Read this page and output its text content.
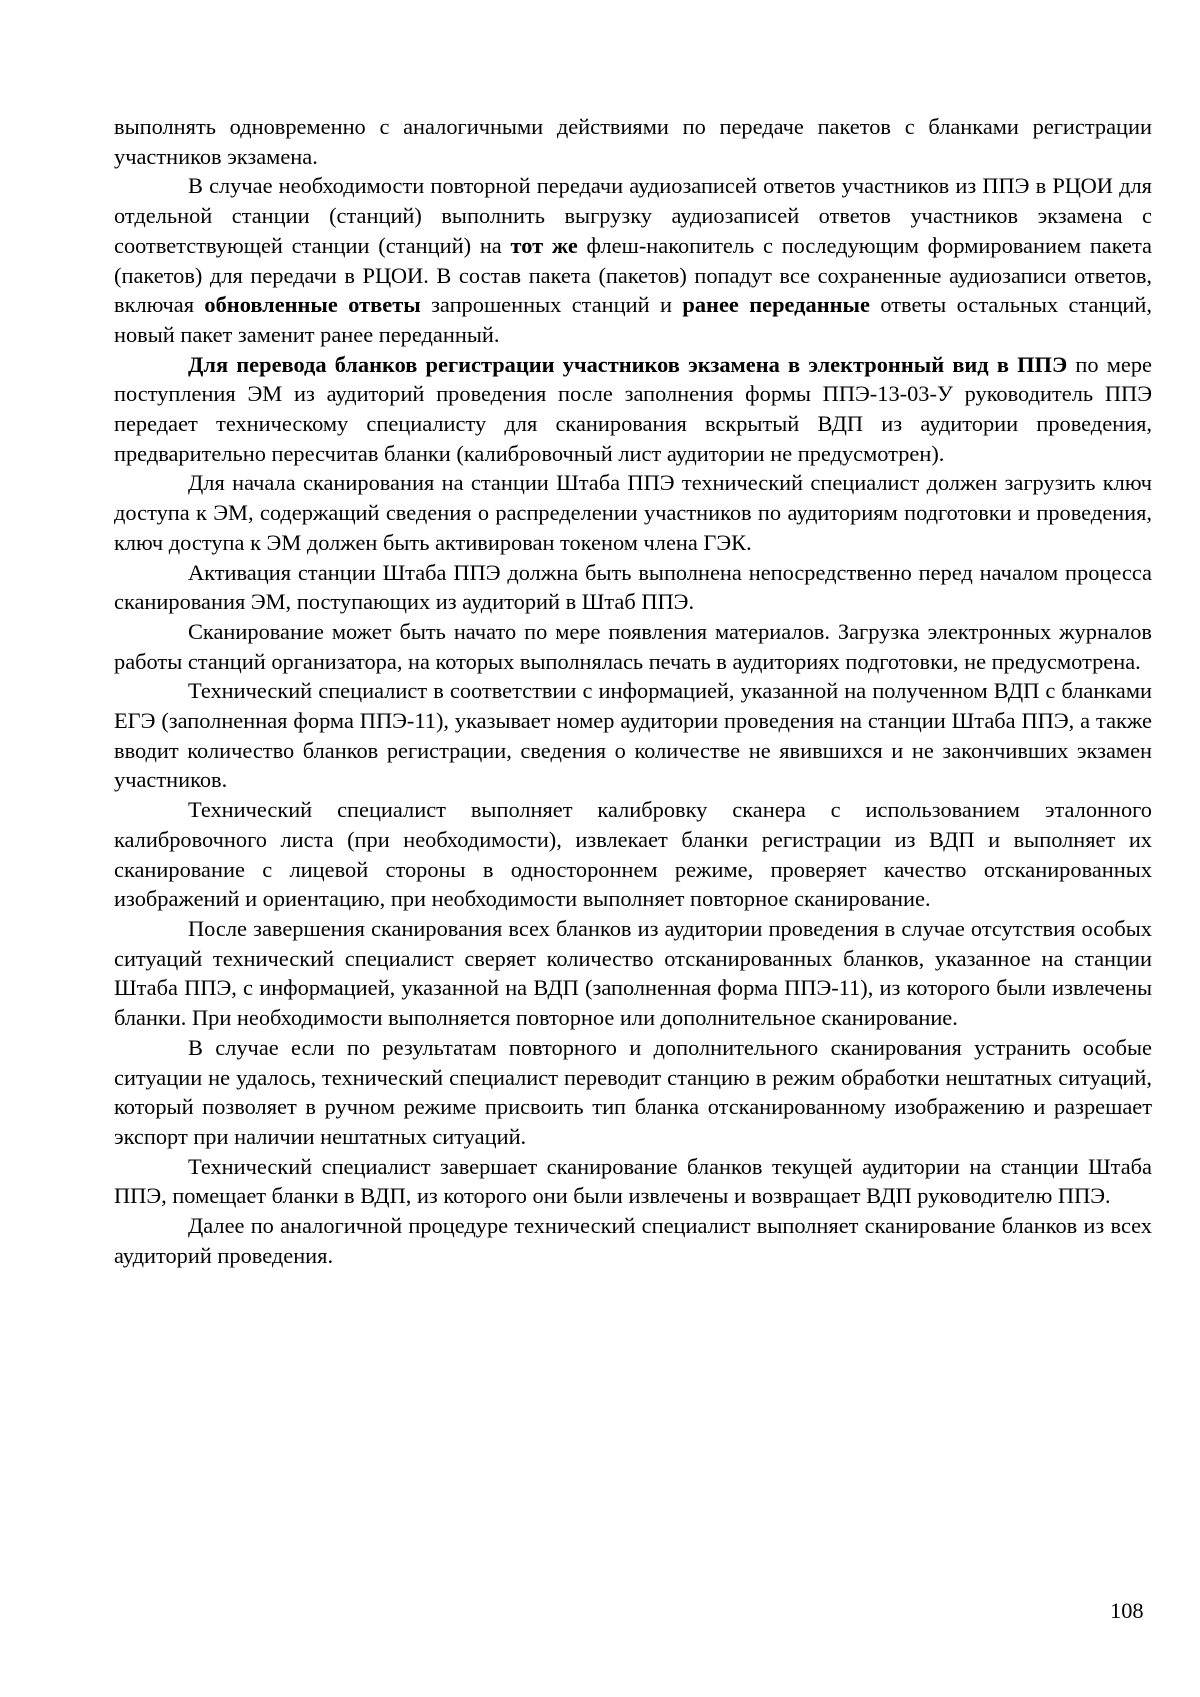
выполнять одновременно с аналогичными действиями по передаче пакетов с бланками регистрации участников экзамена.

В случае необходимости повторной передачи аудиозаписей ответов участников из ППЭ в РЦОИ для отдельной станции (станций) выполнить выгрузку аудиозаписей ответов участников экзамена с соответствующей станции (станций) на тот же флеш-накопитель с последующим формированием пакета (пакетов) для передачи в РЦОИ. В состав пакета (пакетов) попадут все сохраненные аудиозаписи ответов, включая обновленные ответы запрошенных станций и ранее переданные ответы остальных станций, новый пакет заменит ранее переданный.

Для перевода бланков регистрации участников экзамена в электронный вид в ППЭ по мере поступления ЭМ из аудиторий проведения после заполнения формы ППЭ-13-03-У руководитель ППЭ передает техническому специалисту для сканирования вскрытый ВДП из аудитории проведения, предварительно пересчитав бланки (калибровочный лист аудитории не предусмотрен).

Для начала сканирования на станции Штаба ППЭ технический специалист должен загрузить ключ доступа к ЭМ, содержащий сведения о распределении участников по аудиториям подготовки и проведения, ключ доступа к ЭМ должен быть активирован токеном члена ГЭК.

Активация станции Штаба ППЭ должна быть выполнена непосредственно перед началом процесса сканирования ЭМ, поступающих из аудиторий в Штаб ППЭ.

Сканирование может быть начато по мере появления материалов. Загрузка электронных журналов работы станций организатора, на которых выполнялась печать в аудиториях подготовки, не предусмотрена.

Технический специалист в соответствии с информацией, указанной на полученном ВДП с бланками ЕГЭ (заполненная форма ППЭ-11), указывает номер аудитории проведения на станции Штаба ППЭ, а также вводит количество бланков регистрации, сведения о количестве не явившихся и не закончивших экзамен участников.

Технический специалист выполняет калибровку сканера с использованием эталонного калибровочного листа (при необходимости), извлекает бланки регистрации из ВДП и выполняет их сканирование с лицевой стороны в одностороннем режиме, проверяет качество отсканированных изображений и ориентацию, при необходимости выполняет повторное сканирование.

После завершения сканирования всех бланков из аудитории проведения в случае отсутствия особых ситуаций технический специалист сверяет количество отсканированных бланков, указанное на станции Штаба ППЭ, с информацией, указанной на ВДП (заполненная форма ППЭ-11), из которого были извлечены бланки. При необходимости выполняется повторное или дополнительное сканирование.

В случае если по результатам повторного и дополнительного сканирования устранить особые ситуации не удалось, технический специалист переводит станцию в режим обработки нештатных ситуаций, который позволяет в ручном режиме присвоить тип бланка отсканированному изображению и разрешает экспорт при наличии нештатных ситуаций.

Технический специалист завершает сканирование бланков текущей аудитории на станции Штаба ППЭ, помещает бланки в ВДП, из которого они были извлечены и возвращает ВДП руководителю ППЭ.

Далее по аналогичной процедуре технический специалист выполняет сканирование бланков из всех аудиторий проведения.

108
